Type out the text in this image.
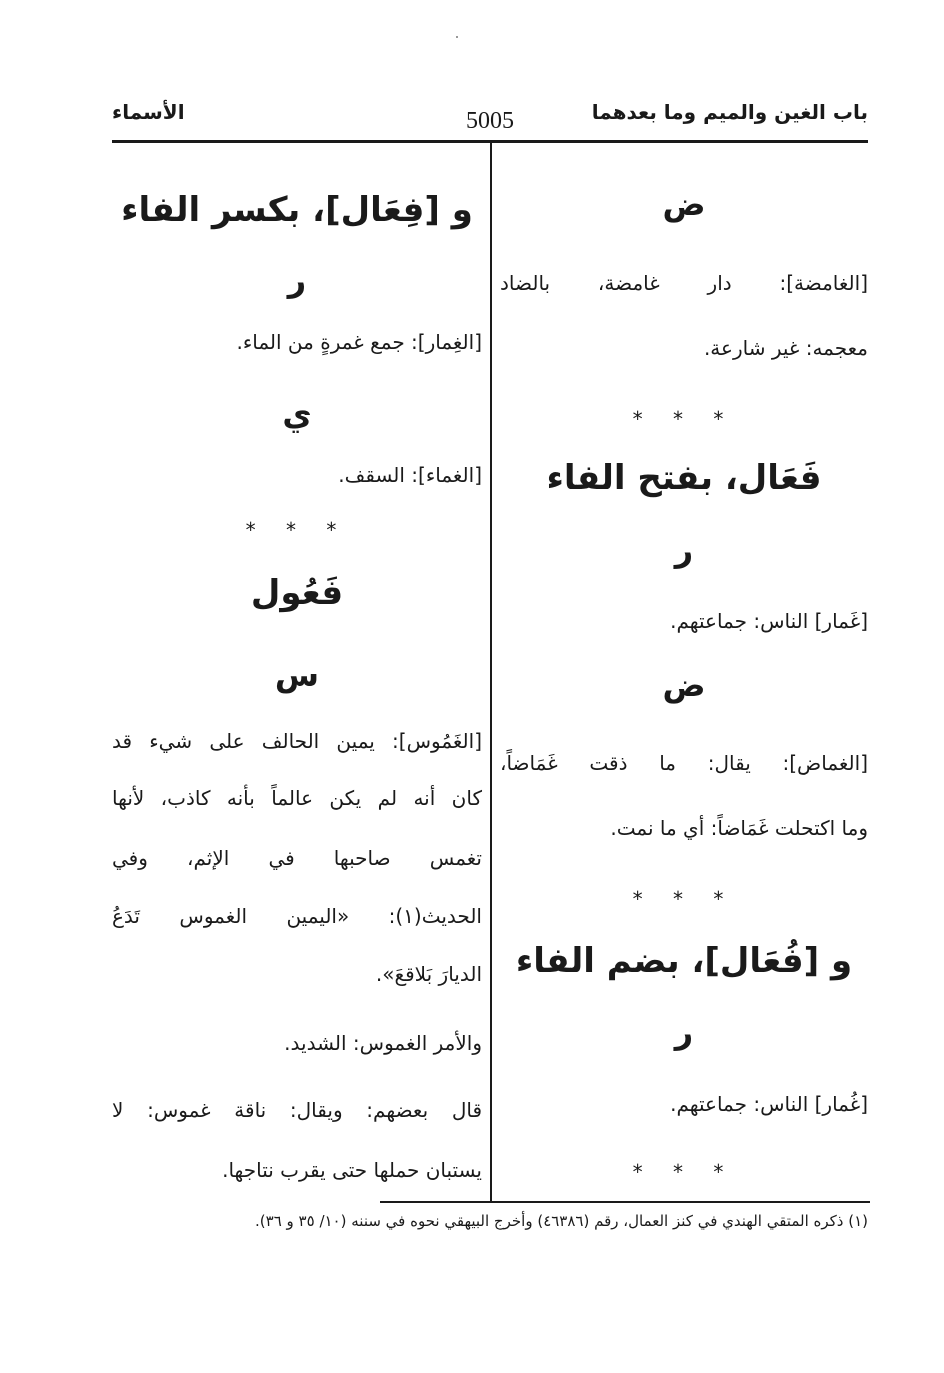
باب الغين والميم وما بعدهما
5005
الأسماء
ض
[الغامضة]: دار غامضة، بالضاد
معجمه: غير شارعة.
* * *
فَعَال، بفتح الفاء
ر
[غَمار] الناس: جماعتهم.
ض
[الغماض]: يقال: ما ذقت غَمَاضاً،
وما اكتحلت غَمَاضاً: أي ما نمت.
* * *
و [فُعَال]، بضم الفاء
ر
[غُمار] الناس: جماعتهم.
* * *
و [فِعَال]، بكسر الفاء
ر
[الغِمار]: جمع غمرةٍ من الماء.
ي
[الغماء]: السقف.
* * *
فَعُول
س
[الغَمُوس]: يمين الحالف على شيء قد
كان أنه لم يكن عالماً بأنه كاذب، لأنها
تغمس صاحبها في الإثم، وفي
الحديث(١): «اليمين الغموس تَدَعُ
الديارَ بَلاقعَ».
والأمر الغموس: الشديد.
قال بعضهم: ويقال: ناقة غموس: لا
يستبان حملها حتى يقرب نتاجها.
(١) ذكره المتقي الهندي في كنز العمال، رقم (٤٦٣٨٦) وأخرج البيهقي نحوه في سننه (١٠/ ٣٥ و ٣٦).
